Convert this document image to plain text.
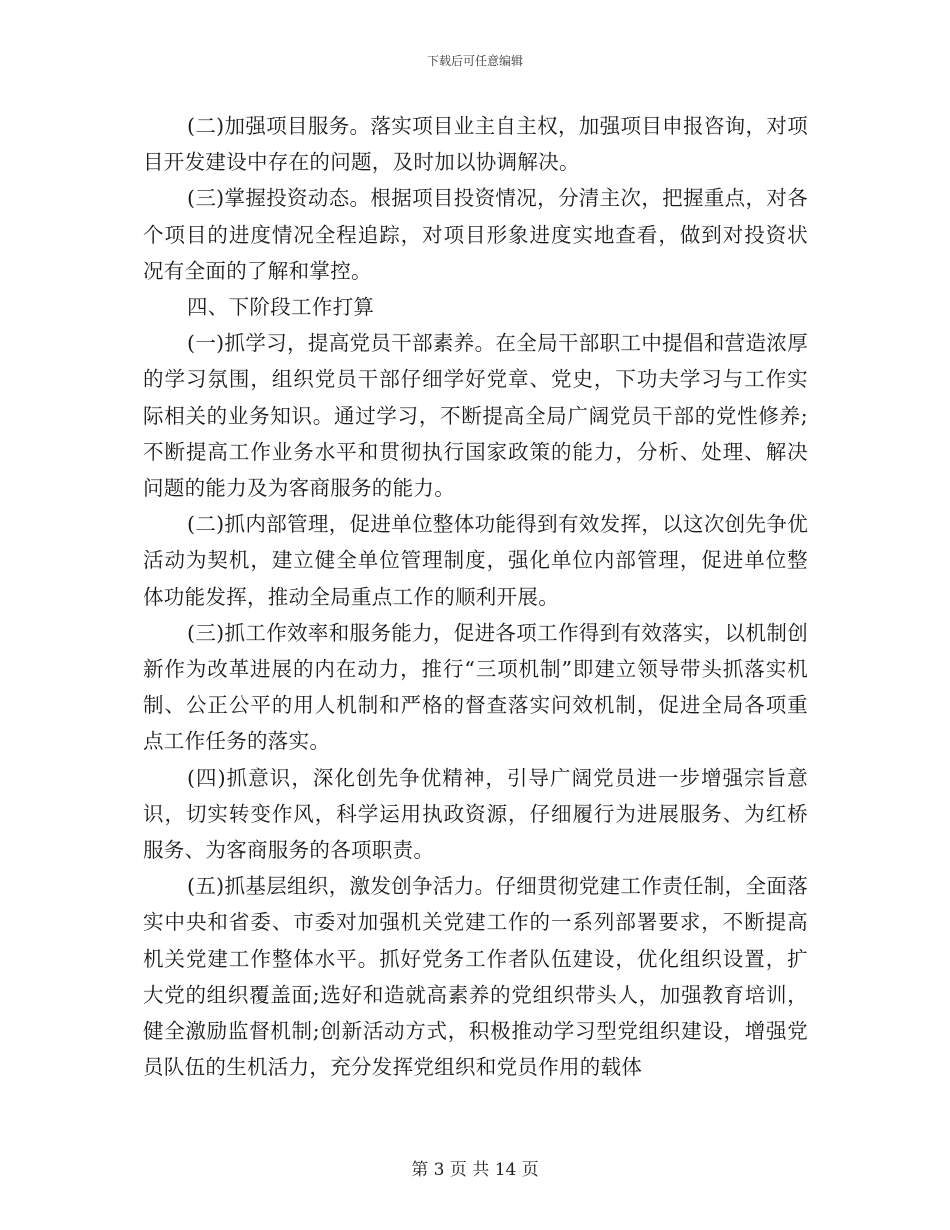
下载后可任意编辑

(二)加强项目服务。落实项目业主自主权，加强项目申报咨询，对项目开发建设中存在的问题，及时加以协调解决。

(三)掌握投资动态。根据项目投资情况，分清主次，把握重点，对各个项目的进度情况全程追踪，对项目形象进度实地查看，做到对投资状况有全面的了解和掌控。

四、下阶段工作打算

(一)抓学习，提高党员干部素养。在全局干部职工中提倡和营造浓厚的学习氛围，组织党员干部仔细学好党章、党史，下功夫学习与工作实际相关的业务知识。通过学习，不断提高全局广阔党员干部的党性修养;不断提高工作业务水平和贯彻执行国家政策的能力，分析、处理、解决问题的能力及为客商服务的能力。

(二)抓内部管理，促进单位整体功能得到有效发挥，以这次创先争优活动为契机，建立健全单位管理制度，强化单位内部管理，促进单位整体功能发挥，推动全局重点工作的顺利开展。

(三)抓工作效率和服务能力，促进各项工作得到有效落实，以机制创新作为改革进展的内在动力，推行“三项机制”即建立领导带头抓落实机制、公正公平的用人机制和严格的督查落实问效机制，促进全局各项重点工作任务的落实。

(四)抓意识，深化创先争优精神，引导广阔党员进一步增强宗旨意识，切实转变作风，科学运用执政资源，仔细履行为进展服务、为红桥服务、为客商服务的各项职责。

(五)抓基层组织，激发创争活力。仔细贯彻党建工作责任制，全面落实中央和省委、市委对加强机关党建工作的一系列部署要求，不断提高机关党建工作整体水平。抓好党务工作者队伍建设，优化组织设置，扩大党的组织覆盖面;选好和造就高素养的党组织带头人，加强教育培训，健全激励监督机制;创新活动方式，积极推动学习型党组织建设，增强党员队伍的生机活力，充分发挥党组织和党员作用的载体

第 3 页 共 14 页
